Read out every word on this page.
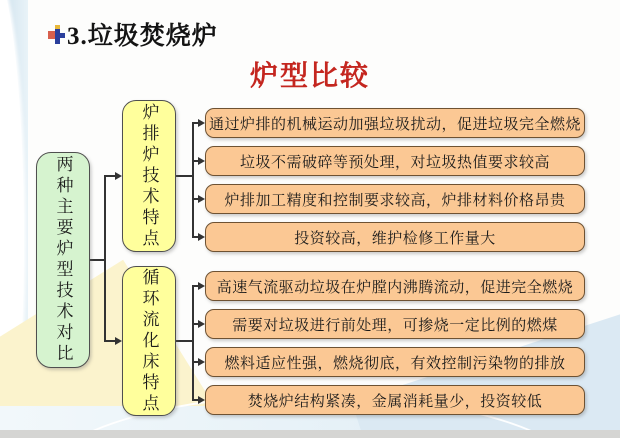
3.垃圾焚烧炉
炉型比较
两种主要炉型技术对比	炉排炉技术特点
循环流化床特点
通过炉排的机械运动加强垃圾扰动，促进垃圾完全燃烧
垃圾不需破碎等预处理，对垃圾热值要求较高
炉排加工精度和控制要求较高，炉排材料价格昂贵
投资较高，维护检修工作量大
高速气流驱动垃圾在炉膛内沸腾流动，促进完全燃烧
需要对垃圾进行前处理，可掺烧一定比例的燃煤
燃料适应性强，燃烧彻底，有效控制污染物的排放
焚烧炉结构紧凑，金属消耗量少，投资较低
